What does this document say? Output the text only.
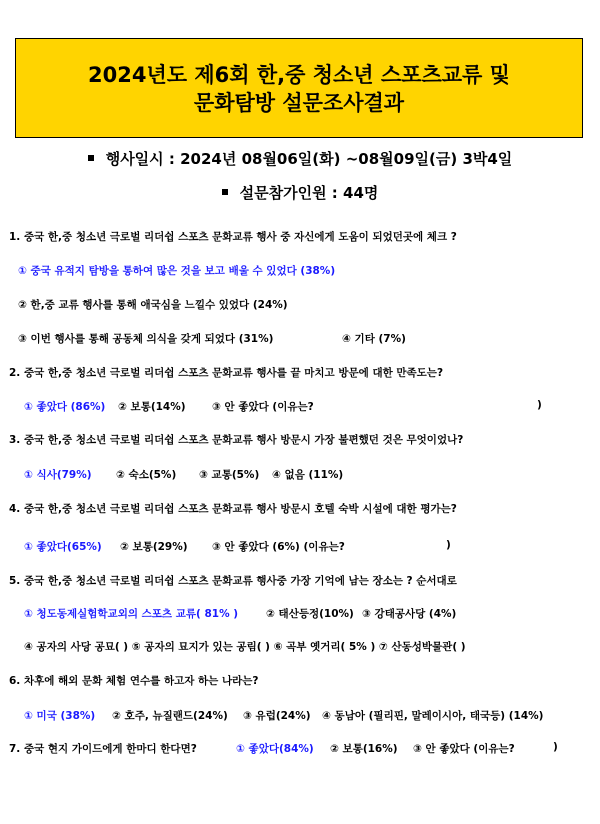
2024년도 제6회 한,중 청소년 스포츠교류 및
문화탐방 설문조사결과
행사일시 : 2024년 08월06일(화) ~08월09일(금) 3박4일
설문참가인원 : 44명
1. 중국 한,중 청소년 극로벌 리더쉽 스포츠 문화교류 행사 중 자신에게 도움이 되었던곳에 체크 ?
① 중국 유적지 탐방을 통하여 많은 것을 보고 배울 수 있었다 (38%)
② 한,중 교류 행사를 통해 애국심을 느낄수 있었다 (24%)
③ 이번 행사를 통해 공동체 의식을 갖게 되었다 (31%)	④ 기타 (7%)
2. 중국 한,중 청소년 극로벌 리더쉽 스포츠 문화교류 행사를 끝 마치고 방문에 대한 만족도는?
① 좋았다 (86%) ② 보통(14%)	③ 안 좋았다 (이유는?	)
3. 중국 한,중 청소년 극로벌 리더쉽 스포츠 문화교류 행사 방문시 가장 불편했던 것은 무엇이었나?
① 식사(79%) ② 숙소(5%) ③ 교통(5%) ④ 없음 (11%)
4. 중국 한,중 청소년 극로벌 리더쉽 스포츠 문화교류 행사 방문시 호텔 숙박 시설에 대한 평가는?
① 좋았다(65%) ② 보통(29%) ③ 안 좋았다 (6%) (이유는?	)
5. 중국 한,중 청소년 극로벌 리더쉽 스포츠 문화교류 행사중 가장 기억에 남는 장소는 ? 순서대로
① 청도동제실험학교외의 스포츠 교류( 81% )	② 태산등정(10%) ③ 강태공사당 (4%)
④ 공자의 사당 공묘( ) ⑤ 공자의 묘지가 있는 공림( ) ⑥ 곡부 옛거리( 5% ) ⑦ 산동성박물관( )
6. 차후에 해외 문화 체험 연수를 하고자 하는 나라는?
① 미국 (38%) ② 호주, 뉴질랜드(24%) ③ 유럽(24%) ④ 동남아 (필리핀, 말레이시아, 태국등) (14%)
7. 중국 현지 가이드에게 한마디 한다면?	① 좋았다(84%) ② 보통(16%) ③ 안 좋았다 (이유는?	)
